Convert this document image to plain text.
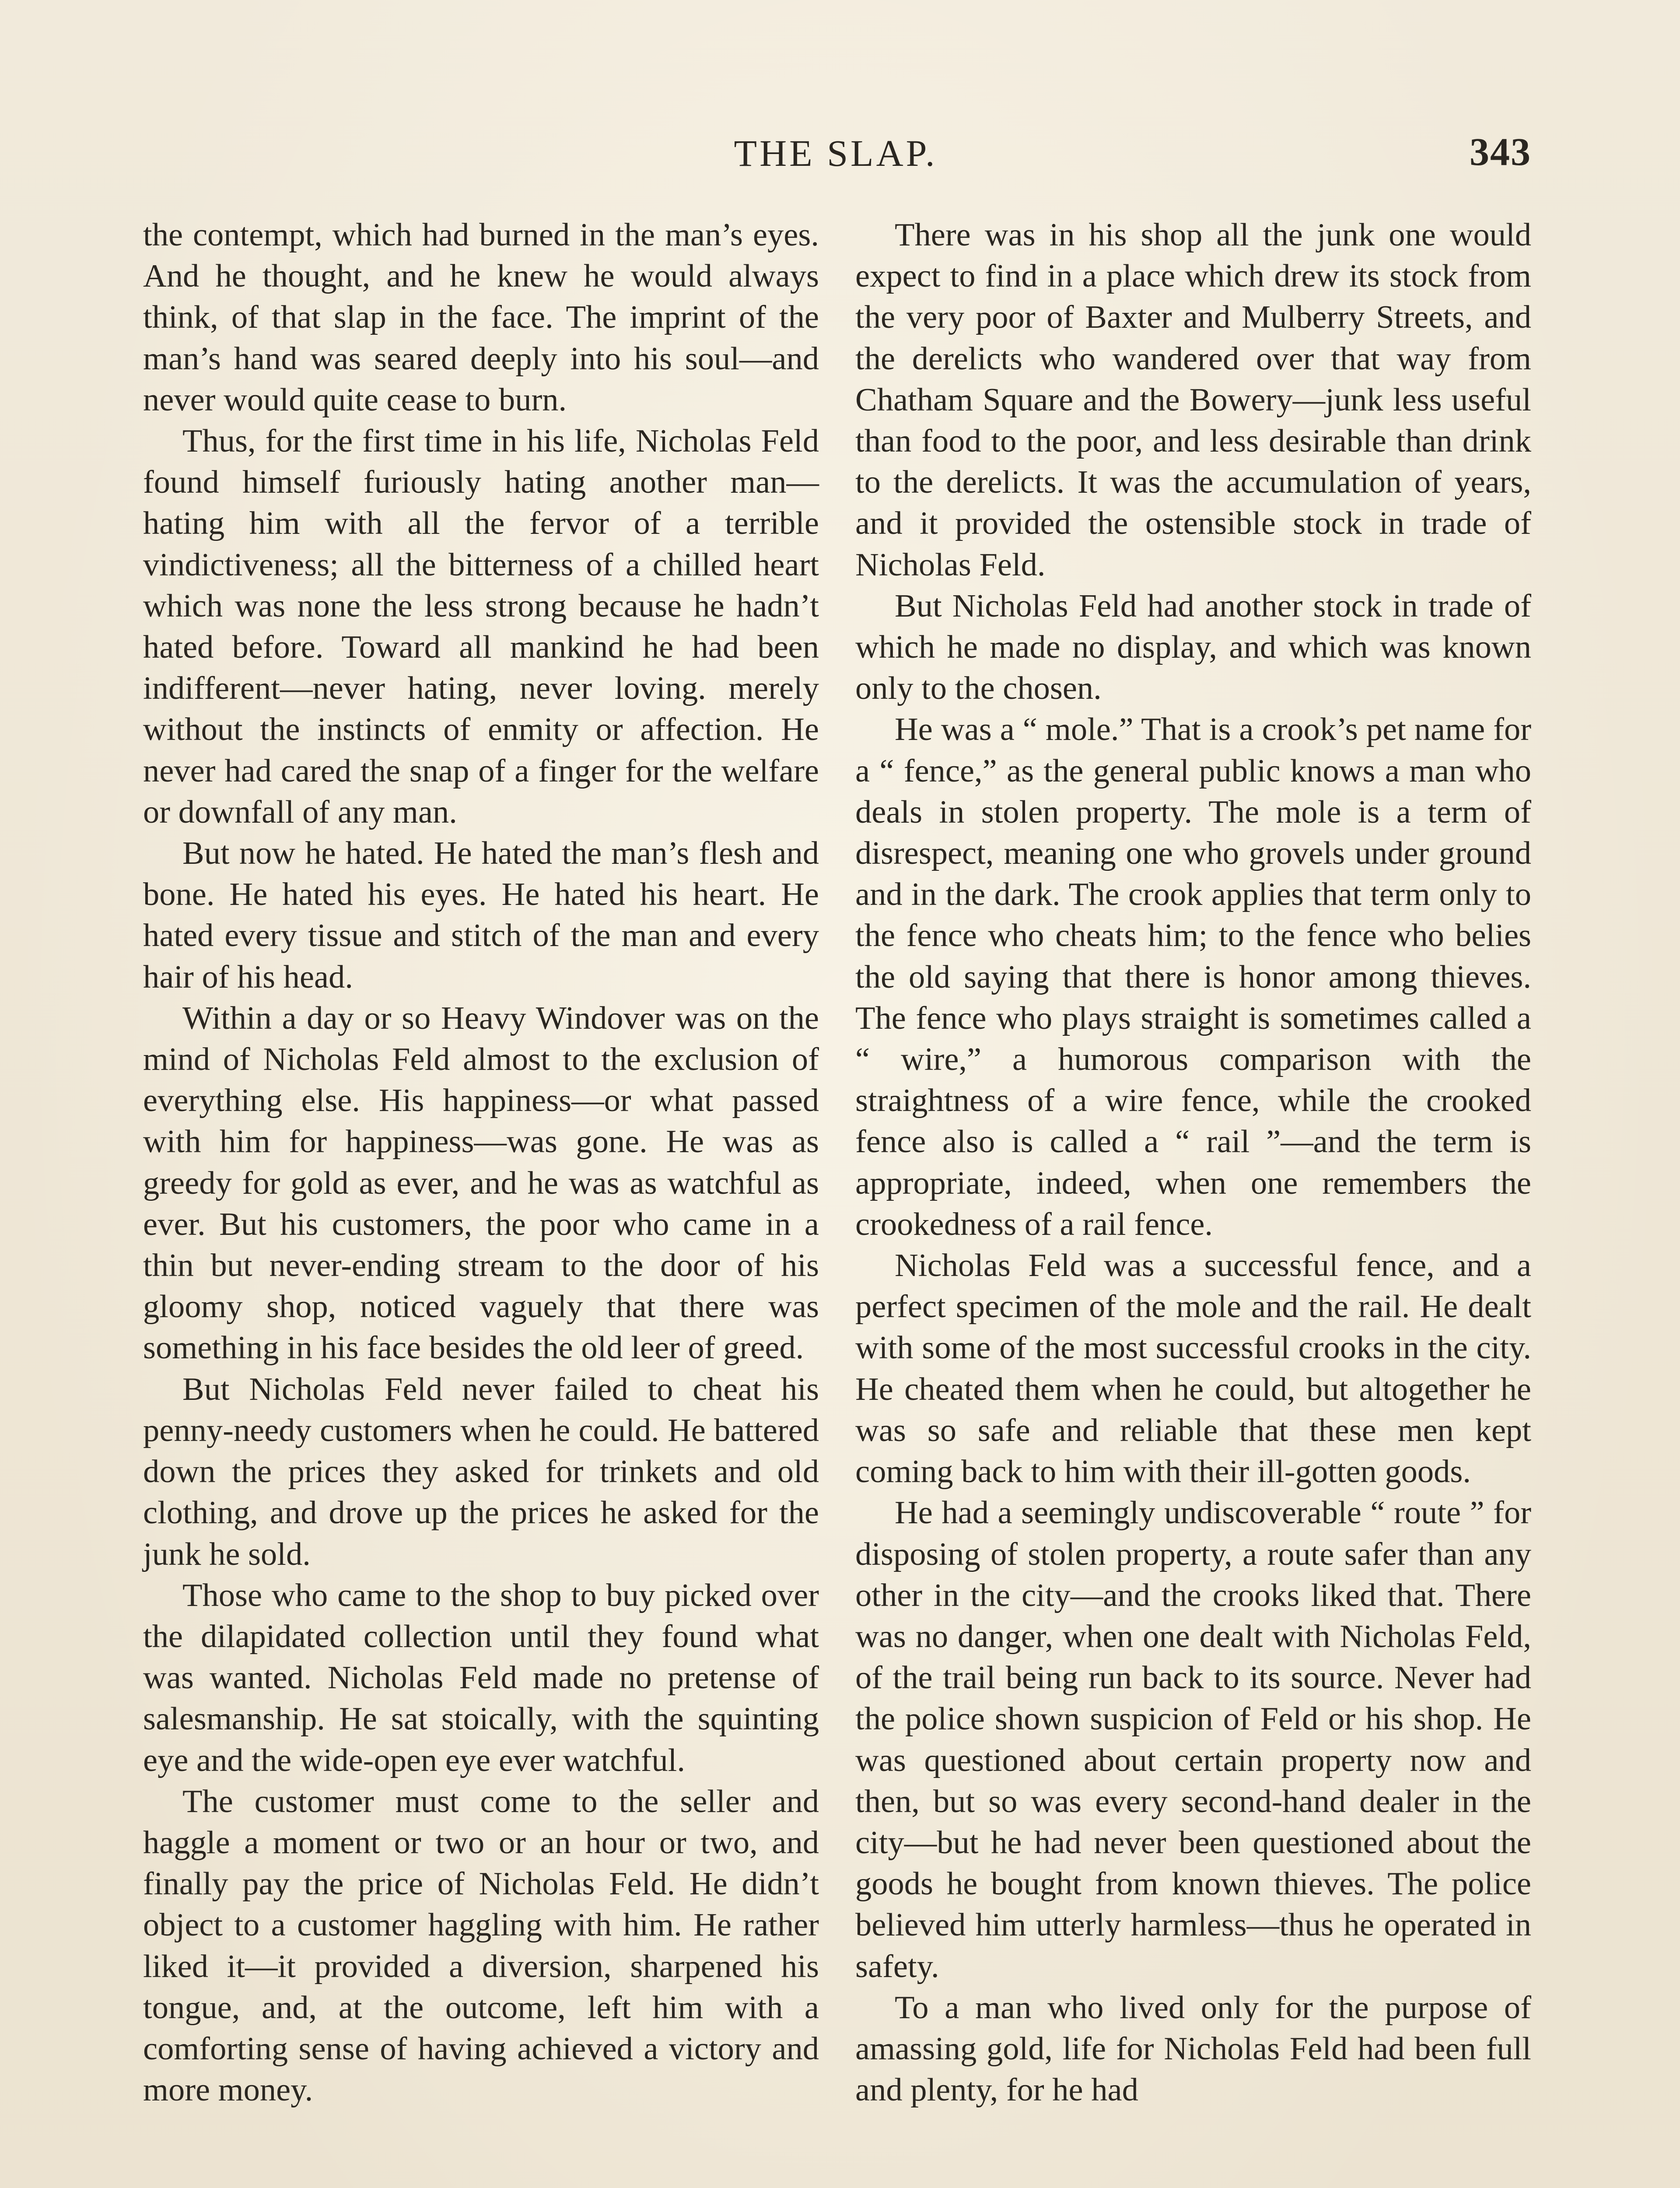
THE SLAP.	343

the contempt, which had burned in the man’s eyes. And he thought, and he knew he would always think, of that slap in the face. The imprint of the man’s hand was seared deeply into his soul—and never would quite cease to burn.

Thus, for the first time in his life, Nicholas Feld found himself furiously hating another man—hating him with all the fervor of a terrible vindictiveness; all the bitterness of a chilled heart which was none the less strong because he hadn’t hated before. Toward all mankind he had been indifferent—never hating, never loving. merely without the instincts of enmity or affection. He never had cared the snap of a finger for the welfare or downfall of any man.

But now he hated. He hated the man’s flesh and bone. He hated his eyes. He hated his heart. He hated every tissue and stitch of the man and every hair of his head.

Within a day or so Heavy Windover was on the mind of Nicholas Feld almost to the exclusion of everything else. His happiness—or what passed with him for happiness—was gone. He was as greedy for gold as ever, and he was as watchful as ever. But his customers, the poor who came in a thin but never-ending stream to the door of his gloomy shop, noticed vaguely that there was something in his face besides the old leer of greed.

But Nicholas Feld never failed to cheat his penny-needy customers when he could. He battered down the prices they asked for trinkets and old clothing, and drove up the prices he asked for the junk he sold.

Those who came to the shop to buy picked over the dilapidated collection until they found what was wanted. Nicholas Feld made no pretense of salesmanship. He sat stoically, with the squinting eye and the wide-open eye ever watchful.

The customer must come to the seller and haggle a moment or two or an hour or two, and finally pay the price of Nicholas Feld. He didn’t object to a customer haggling with him. He rather liked it—it provided a diversion, sharpened his tongue, and, at the outcome, left him with a comforting sense of having achieved a victory and more money.

There was in his shop all the junk one would expect to find in a place which drew its stock from the very poor of Baxter and Mulberry Streets, and the derelicts who wandered over that way from Chatham Square and the Bowery—junk less useful than food to the poor, and less desirable than drink to the derelicts. It was the accumulation of years, and it provided the ostensible stock in trade of Nicholas Feld.

But Nicholas Feld had another stock in trade of which he made no display, and which was known only to the chosen.

He was a “ mole.” That is a crook’s pet name for a “ fence,” as the general public knows a man who deals in stolen property. The mole is a term of disrespect, meaning one who grovels under ground and in the dark. The crook applies that term only to the fence who cheats him; to the fence who belies the old saying that there is honor among thieves. The fence who plays straight is sometimes called a “ wire,” a humorous comparison with the straightness of a wire fence, while the crooked fence also is called a “ rail ”—and the term is appropriate, indeed, when one remembers the crookedness of a rail fence.

Nicholas Feld was a successful fence, and a perfect specimen of the mole and the rail. He dealt with some of the most successful crooks in the city. He cheated them when he could, but altogether he was so safe and reliable that these men kept coming back to him with their ill-gotten goods.

He had a seemingly undiscoverable “ route ” for disposing of stolen property, a route safer than any other in the city—and the crooks liked that. There was no danger, when one dealt with Nicholas Feld, of the trail being run back to its source. Never had the police shown suspicion of Feld or his shop. He was questioned about certain property now and then, but so was every second-hand dealer in the city—but he had never been questioned about the goods he bought from known thieves. The police believed him utterly harmless—thus he operated in safety.

To a man who lived only for the purpose of amassing gold, life for Nicholas Feld had been full and plenty, for he had
